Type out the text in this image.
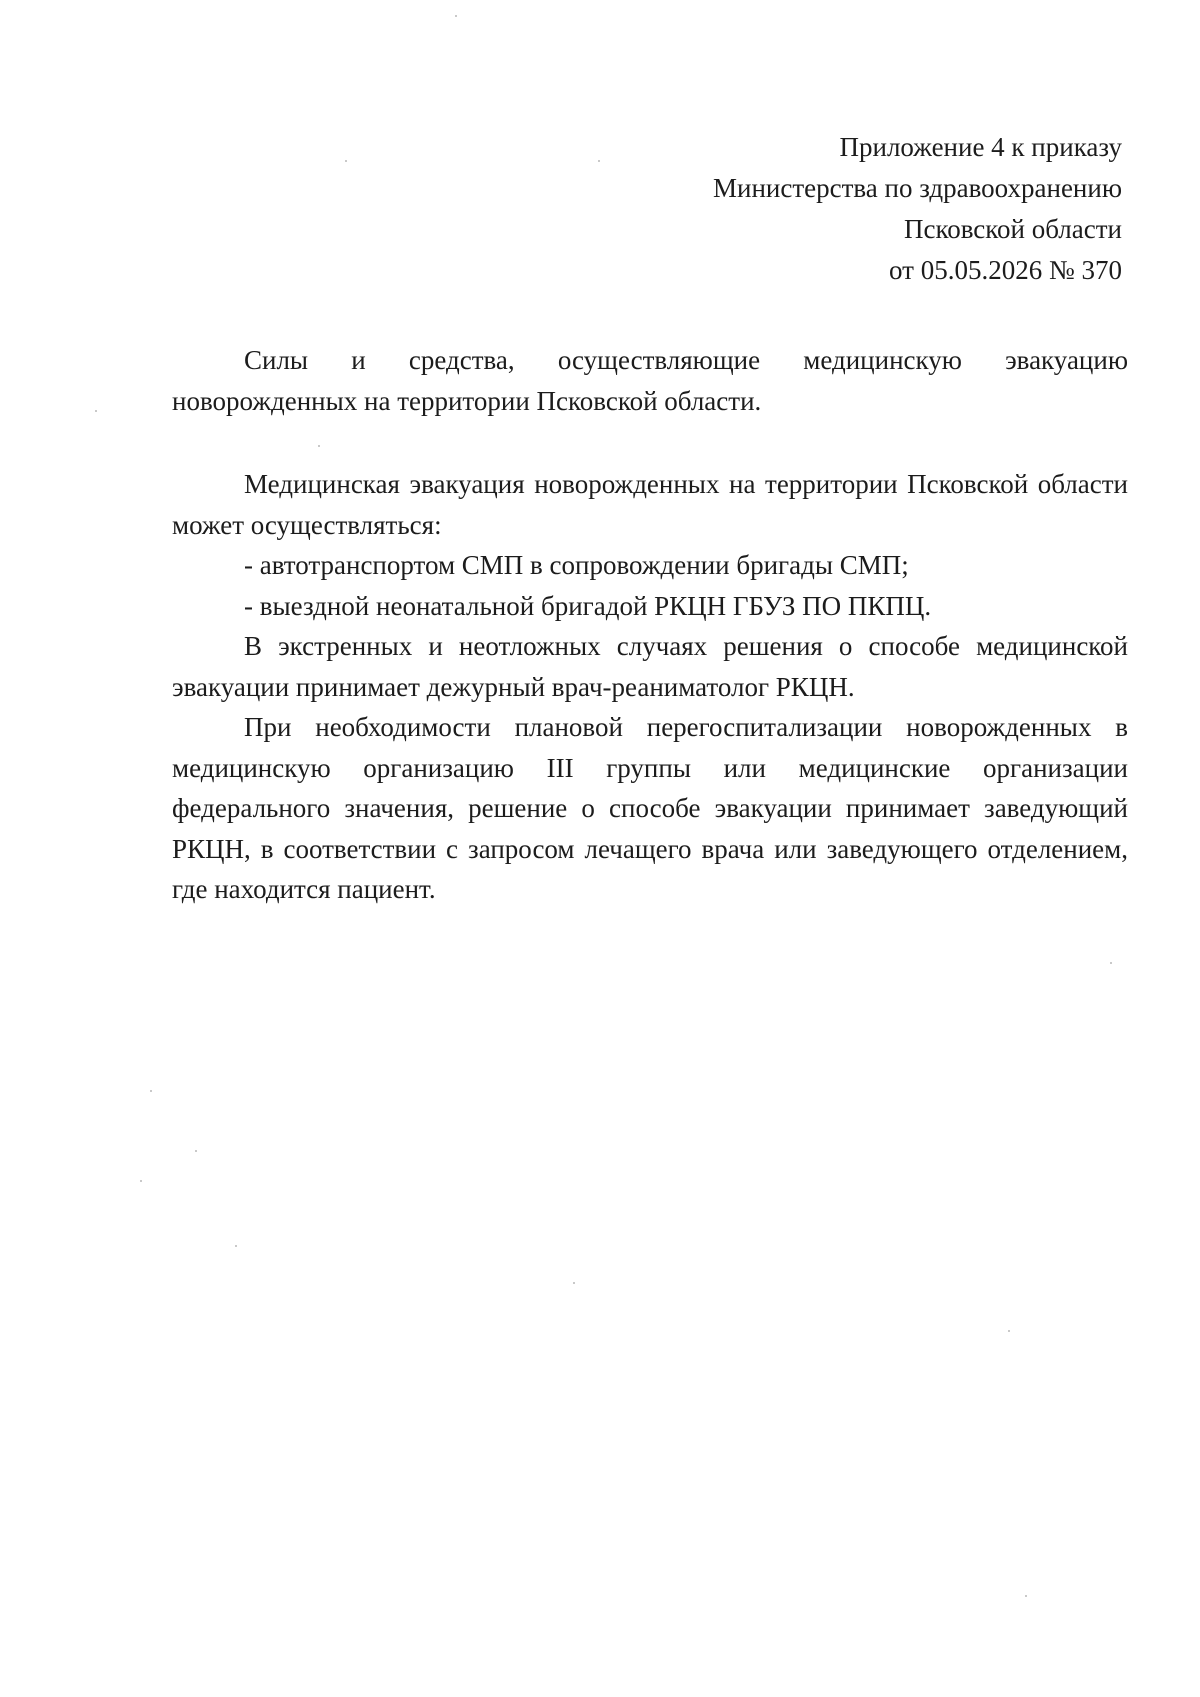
Приложение 4 к приказу
Министерства по здравоохранению
Псковской области
от 05.05.2026 № 370

Силы и средства, осуществляющие медицинскую эвакуацию новорожденных на территории Псковской области.

Медицинская эвакуация новорожденных на территории Псковской области может осуществляться:

- автотранспортом СМП в сопровождении бригады СМП;

- выездной неонатальной бригадой РКЦН ГБУЗ ПО ПКПЦ.

В экстренных и неотложных случаях решения о способе медицинской эвакуации принимает дежурный врач-реаниматолог РКЦН.

При необходимости плановой перегоспитализации новорожденных в медицинскую организацию III группы или медицинские организации федерального значения, решение о способе эвакуации принимает заведующий РКЦН, в соответствии с запросом лечащего врача или заведующего отделением, где находится пациент.
